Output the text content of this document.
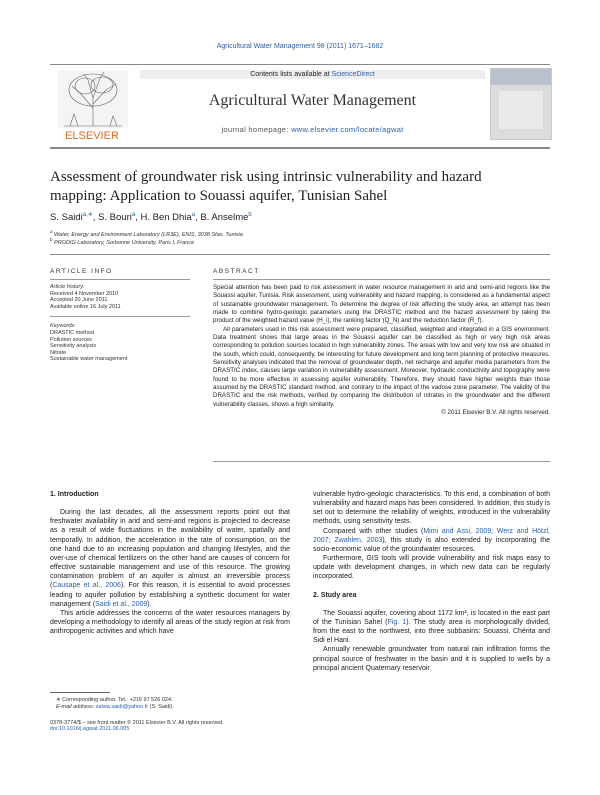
Agricultural Water Management 98 (2011) 1671–1682
ELSEVIER
Contents lists available at ScienceDirect
Agricultural Water Management
journal homepage: www.elsevier.com/locate/agwat
Assessment of groundwater risk using intrinsic vulnerability and hazard mapping: Application to Souassi aquifer, Tunisian Sahel
S. Saidi$^{a,∗}$, S. Bouri$^a$, H. Ben Dhia$^a$, B. Anselme$^b$
$^a$ Water, Energy and Environment Laboratory (LR3E), ENIS, 3038 Sfax, Tunisia
$^b$ PRODIG Laboratory, Sorbonne University, Paris I, France
ARTICLE INFO
Article history:
Received 4 November 2010
Accepted 20 June 2011
Available online 16 July 2011
Keywords:
DRASTIC method
Pollution sources
Sensitivity analysis
Nitrate
Sustainable water management
ABSTRACT

Special attention has been paid to risk assessment in water resource management in arid and semi-arid regions like the Souassi aquifer, Tunisia. Risk assessment, using vulnerability and hazard mapping, is considered as a fundamental aspect of sustainable groundwater management. To determine the degree of risk affecting the study area, an attempt has been made to combine hydro-geologic parameters using the DRASTIC method and the hazard assessment by taking the product of the weighted hazard value (H_i), the ranking factor (Q_N) and the reduction factor (R_f).

All parameters used in this risk assessment were prepared, classified, weighted and integrated in a GIS environment. Data treatment shows that large areas in the Souassi aquifer can be classified as high or very high risk areas corresponding to pollution sources located in high vulnerability zones. The areas with low and very low risk are situated in the south, which could, consequently, be interesting for future development and long term planning of protective measures. Sensitivity analyses indicated that the removal of groundwater depth, net recharge and aquifer media parameters from the DRASTIC index, causes large variation in vulnerability assessment. Moreover, hydraulic conductivity and topography were found to be more effective in assessing aquifer vulnerability. Therefore, they should have higher weights than those assumed by the DRASTIC standard method, and contrary to the impact of the vadose zone parameter. The validity of the DRASTIC and the risk methods, verified by comparing the distribution of nitrates in the groundwater and the different vulnerability classes, shows a high similarity.

© 2011 Elsevier B.V. All rights reserved.

1. Introduction

During the last decades, all the assessment reports point out that freshwater availability in arid and semi-arid regions is projected to decrease as a result of wide fluctuations in the availability of water, spatially and temporally. In addition, the acceleration in the rate of consumption, on the one hand due to an increasing population and changing lifestyles, and the over-use of chemical fertilizers on the other hand are causes of concern for effective sustainable management and use of this resource. The growing contamination problem of an aquifer is almost an irreversible process (Causape et al., 2006). For this reason, it is essential to avoid processes leading to aquifer pollution by establishing a synthetic document for water management (Saidi et al., 2009).

This article addresses the concerns of the water resources managers by developing a methodology to identify all areas of the study region at risk from anthropogenic activities and which have

vulnerable hydro-geologic characteristics. To this end, a combination of both vulnerability and hazard maps has been considered. In addition, this study is set out to determine the reliability of weights, introduced in the vulnerability methods, using sensitivity tests.

Compared with other studies (Mimi and Assi, 2009; Werz and Hötzl, 2007; Zwahlen, 2003), this study is also extended by incorporating the socio-economic value of the groundwater resources.

Furthermore, GIS tools will provide vulnerability and risk maps easy to update with development changes, in which new data can be regularly incorporated.

2. Study area

The Souassi aquifer, covering about 1172 km², is located in the east part of the Tunisian Sahel (Fig. 1). The study area is morphologically divided, from the east to the northwest, into three subbasins: Souassi, Chérita and Sidi el Hani.

Annually renewable groundwater from natural rain infiltration forms the principal source of freshwater in the basin and it is supplied to wells by a principal ancient Quaternary reservoir.

∗ Corresponding author. Tel.: +216 97 526 024.
E-mail address: salwa.saidi@yahoo.fr (S. Saidi).
0378-3774/$ – see front matter © 2011 Elsevier B.V. All rights reserved.
doi:10.1016/j.agwat.2011.06.005
